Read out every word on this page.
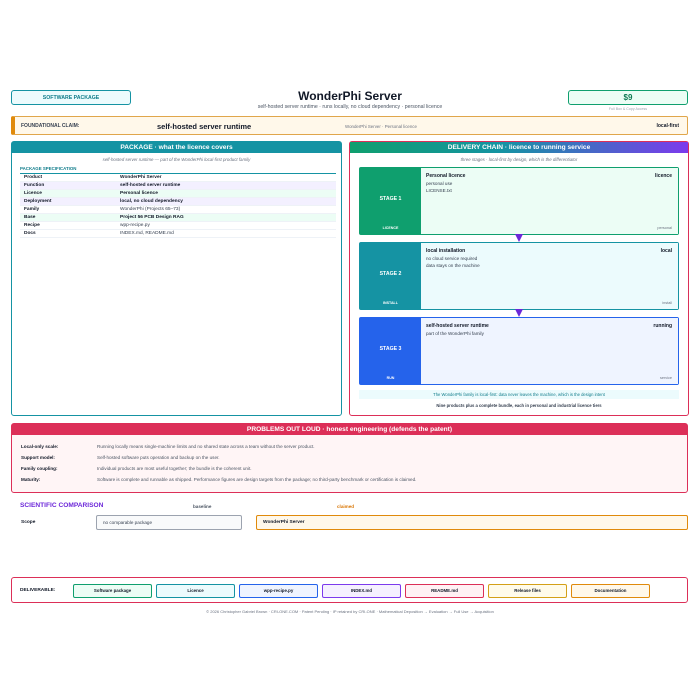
SOFTWARE PACKAGE	WonderPhi Server
self-hosted server runtime · runs locally, no cloud dependency · personal licence
$9
Full Box & Copy Access
FOUNDATIONAL CLAIM:	self-hosted server runtime	WonderPhi Server · Personal licence	local-first
PACKAGE · what the licence covers
self-hosted server runtime — part of the WonderPhi local-first product family
PACKAGE SPECIFICATION
Product	WonderPhi Server
Function	self-hosted server runtime
Licence	Personal licence
Deployment	local, no cloud dependency
Family	WonderPhi (Projects 65–73)
Base	Project 56 PCB Design RAG
Recipe	wpp-recipe.py
Docs	INDEX.md, README.md
DELIVERY CHAIN · licence to running service
three stages · local-first by design, which is the differentiator
STAGE 1
LICENCE
Personal licence	licence
personal use
LICENSE.txt
personal
STAGE 2
INSTALL
local installation	local
no cloud service required
data stays on the machine
install
STAGE 3
RUN
self-hosted server runtime	running
part of the WonderPhi family
service
The WonderPhi family is local-first: data never leaves the machine, which is the design intent
Nine products plus a complete bundle, each in personal and industrial licence tiers
PROBLEMS OUT LOUD · honest engineering (defends the patent)
Local-only scale:	Running locally means single-machine limits and no shared state across a team without the server product.
Support model:	Self-hosted software puts operation and backup on the user.
Family coupling:	Individual products are most useful together; the bundle is the coherent unit.
Maturity:	Software is complete and runnable as shipped. Performance figures are design targets from the package; no third-party benchmark or certification is claimed.
SCIENTIFIC COMPARISON	baseline	claimed
Scope	no comparable package	WonderPhi Server
DELIVERABLE:	Software package	Licence	wpp-recipe.py	INDEX.md	README.md	Release files	Documentation
© 2026 Christopher Gabriel Brown · CRI-ONE.COM · Patent Pending · IP retained by CRI-ONE · Mathematical Deposition → Evaluation → Full Use → Acquisition
